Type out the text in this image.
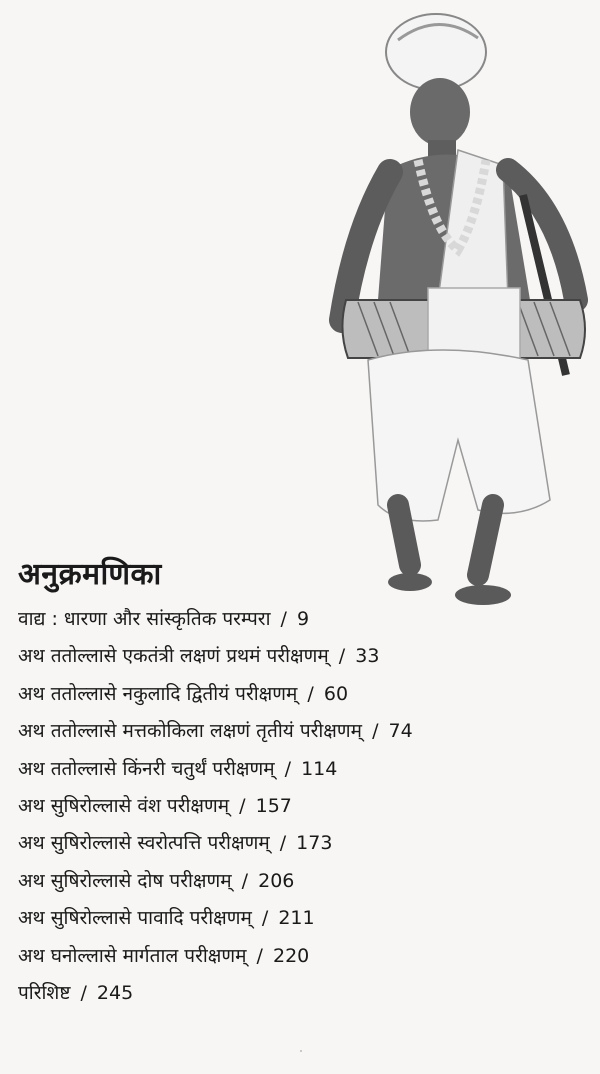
अनुक्रमणिका
वाद्य : धारणा और सांस्कृतिक परम्परा / 9
अथ ततोल्लासे एकतंत्री लक्षणं प्रथमं परीक्षणम् / 33
अथ ततोल्लासे नकुलादि द्वितीयं परीक्षणम् / 60
अथ ततोल्लासे मत्तकोकिला लक्षणं तृतीयं परीक्षणम् / 74
अथ ततोल्लासे किंनरी चतुर्थं परीक्षणम् / 114
अथ सुषिरोल्लासे वंश परीक्षणम् / 157
अथ सुषिरोल्लासे स्वरोत्पत्ति परीक्षणम् / 173
अथ सुषिरोल्लासे दोष परीक्षणम् / 206
अथ सुषिरोल्लासे पावादि परीक्षणम् / 211
अथ घनोल्लासे मार्गताल परीक्षणम् / 220
परिशिष्ट / 245
